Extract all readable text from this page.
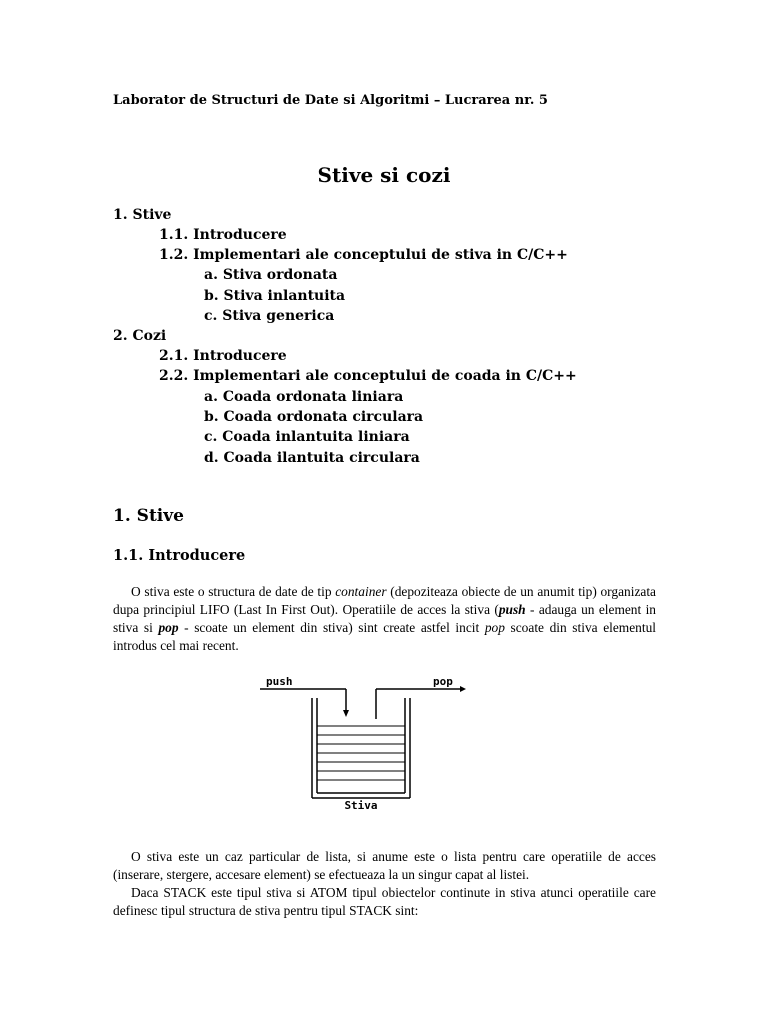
Laborator de Structuri de Date si Algoritmi – Lucrarea nr. 5
Stive si cozi
1. Stive
1.1. Introducere
1.2. Implementari ale conceptului de stiva in C/C++
a. Stiva ordonata
b. Stiva inlantuita
c. Stiva generica
2. Cozi
2.1. Introducere
2.2. Implementari ale conceptului de coada in C/C++
a. Coada ordonata liniara
b. Coada ordonata circulara
c. Coada inlantuita liniara
d. Coada ilantuita circulara
1. Stive
1.1. Introducere

O stiva este o structura de date de tip container (depoziteaza obiecte de un anumit tip) organizata dupa principiul LIFO (Last In First Out). Operatiile de acces la stiva (push - adauga un element in stiva si pop - scoate un element din stiva) sint create astfel incit pop scoate din stiva elementul introdus cel mai recent.

push	pop
Stiva

O stiva este un caz particular de lista, si anume este o lista pentru care operatiile de acces (inserare, stergere, accesare element) se efectueaza la un singur capat al listei.

Daca STACK este tipul stiva si ATOM tipul obiectelor continute in stiva atunci operatiile care definesc tipul structura de stiva pentru tipul STACK sint:
